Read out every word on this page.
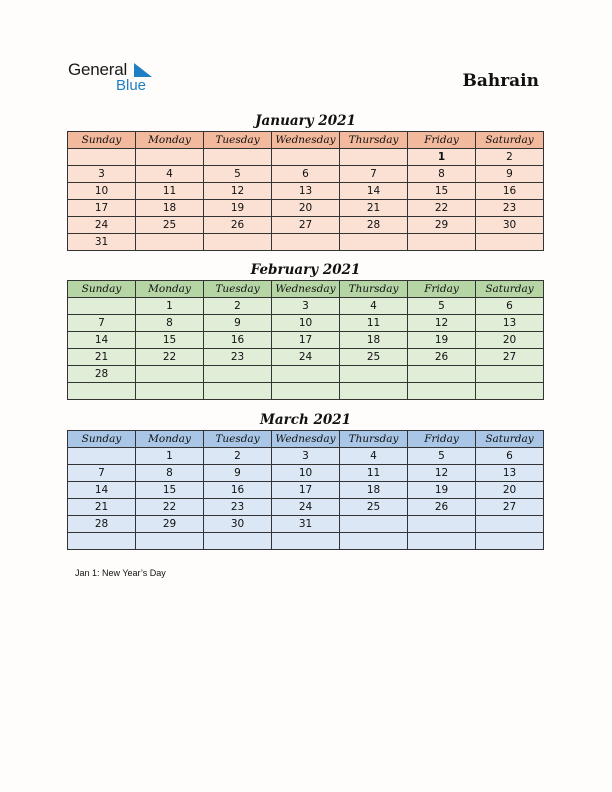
General
Blue	Bahrain
January 2021
Sunday	Monday	Tuesday	Wednesday	Thursday	Friday	Saturday
					1	2
3	4	5	6	7	8	9
10	11	12	13	14	15	16
17	18	19	20	21	22	23
24	25	26	27	28	29	30
31						
February 2021
Sunday	Monday	Tuesday	Wednesday	Thursday	Friday	Saturday
	1	2	3	4	5	6
7	8	9	10	11	12	13
14	15	16	17	18	19	20
21	22	23	24	25	26	27
28						

March 2021
Sunday	Monday	Tuesday	Wednesday	Thursday	Friday	Saturday
	1	2	3	4	5	6
7	8	9	10	11	12	13
14	15	16	17	18	19	20
21	22	23	24	25	26	27
28	29	30	31			

Jan 1: New Year’s Day
